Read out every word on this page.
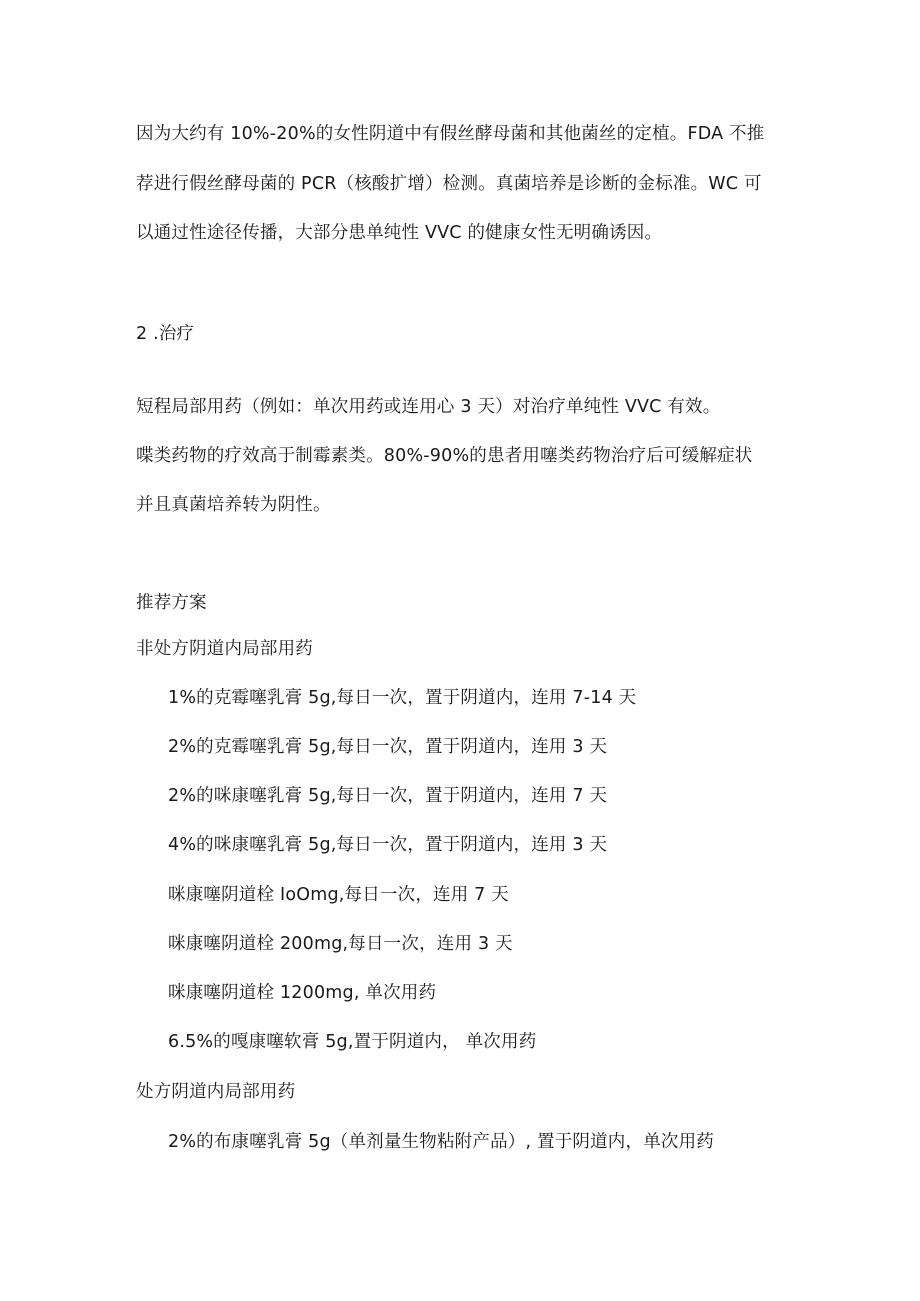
因为大约有 10%-20%的女性阴道中有假丝酵母菌和其他菌丝的定植。FDA 不推
荐进行假丝酵母菌的 PCR（核酸扩增）检测。真菌培养是诊断的金标准。WC 可
以通过性途径传播，大部分患单纯性 VVC 的健康女性无明确诱因。
2 .治疗
短程局部用药（例如：单次用药或连用心 3 天）对治疗单纯性 VVC 有效。
喋类药物的疗效高于制霉素类。80%-90%的患者用噻类药物治疗后可缓解症状
并且真菌培养转为阴性。
推荐方案
非处方阴道内局部用药
1%的克霉噻乳膏 5g,每日一次，置于阴道内，连用 7-14 天
2%的克霉噻乳膏 5g,每日一次，置于阴道内，连用 3 天
2%的咪康噻乳膏 5g,每日一次，置于阴道内，连用 7 天
4%的咪康噻乳膏 5g,每日一次，置于阴道内，连用 3 天
咪康噻阴道栓 IoOmg,每日一次，连用 7 天
咪康噻阴道栓 200mg,每日一次，连用 3 天
咪康噻阴道栓 1200mg, 单次用药
6.5%的嘎康噻软膏 5g,置于阴道内， 单次用药
处方阴道内局部用药
2%的布康噻乳膏 5g（单剂量生物粘附产品）, 置于阴道内，单次用药
